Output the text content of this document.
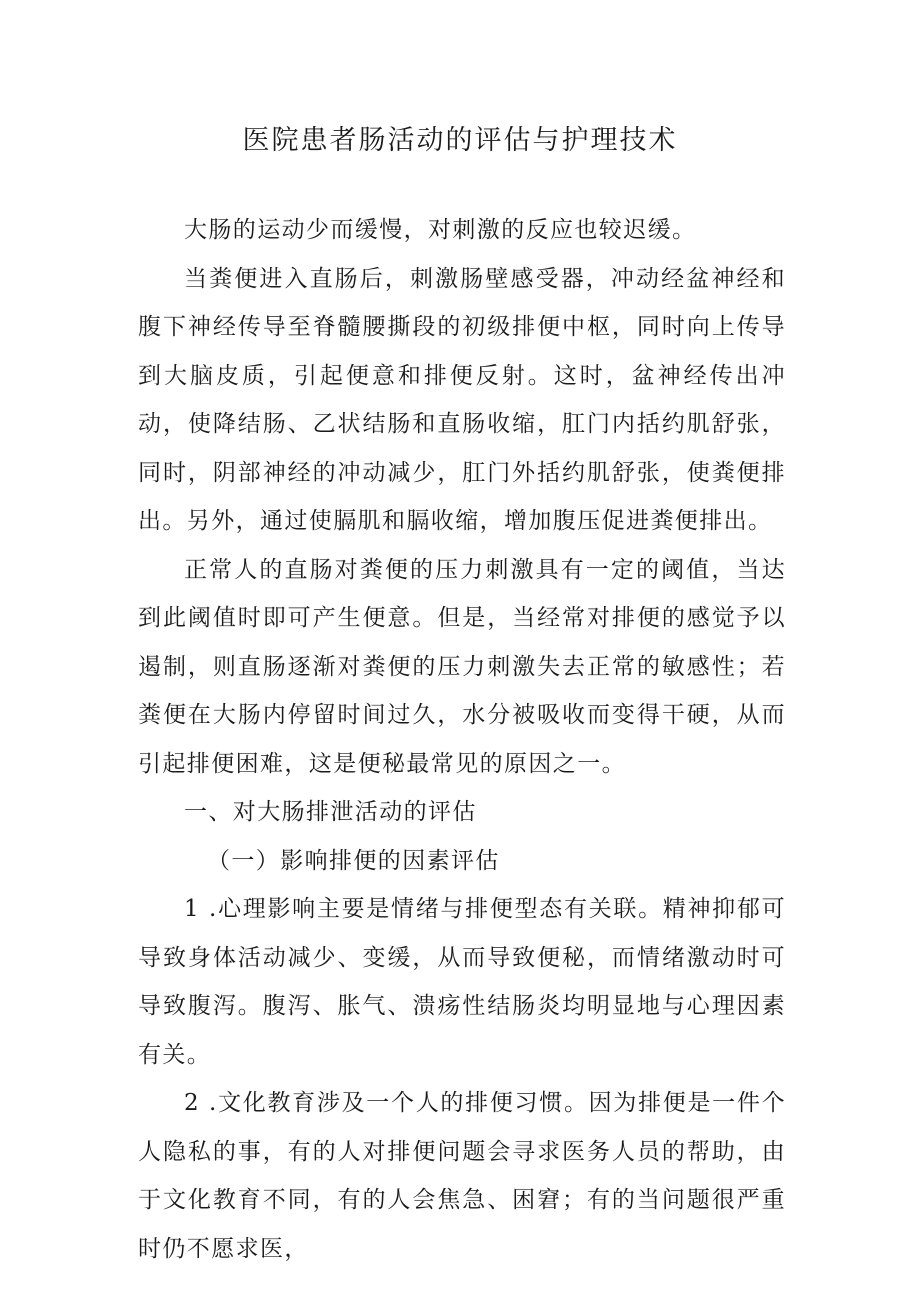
医院患者肠活动的评估与护理技术

大肠的运动少而缓慢，对刺激的反应也较迟缓。

当粪便进入直肠后，刺激肠壁感受器，冲动经盆神经和腹下神经传导至脊髓腰撕段的初级排便中枢，同时向上传导到大脑皮质，引起便意和排便反射。这时，盆神经传出冲动，使降结肠、乙状结肠和直肠收缩，肛门内括约肌舒张，同时，阴部神经的冲动减少，肛门外括约肌舒张，使粪便排出。另外，通过使膈肌和膈收缩，增加腹压促进粪便排出。

正常人的直肠对粪便的压力刺激具有一定的阈值，当达到此阈值时即可产生便意。但是，当经常对排便的感觉予以遏制，则直肠逐渐对粪便的压力刺激失去正常的敏感性；若粪便在大肠内停留时间过久，水分被吸收而变得干硬，从而引起排便困难，这是便秘最常见的原因之一。

一、对大肠排泄活动的评估

（一）影响排便的因素评估

1 .心理影响主要是情绪与排便型态有关联。精神抑郁可导致身体活动减少、变缓，从而导致便秘，而情绪激动时可导致腹泻。腹泻、胀气、溃疡性结肠炎均明显地与心理因素有关。

2 .文化教育涉及一个人的排便习惯。因为排便是一件个人隐私的事，有的人对排便问题会寻求医务人员的帮助，由于文化教育不同，有的人会焦急、困窘；有的当问题很严重时仍不愿求医，
